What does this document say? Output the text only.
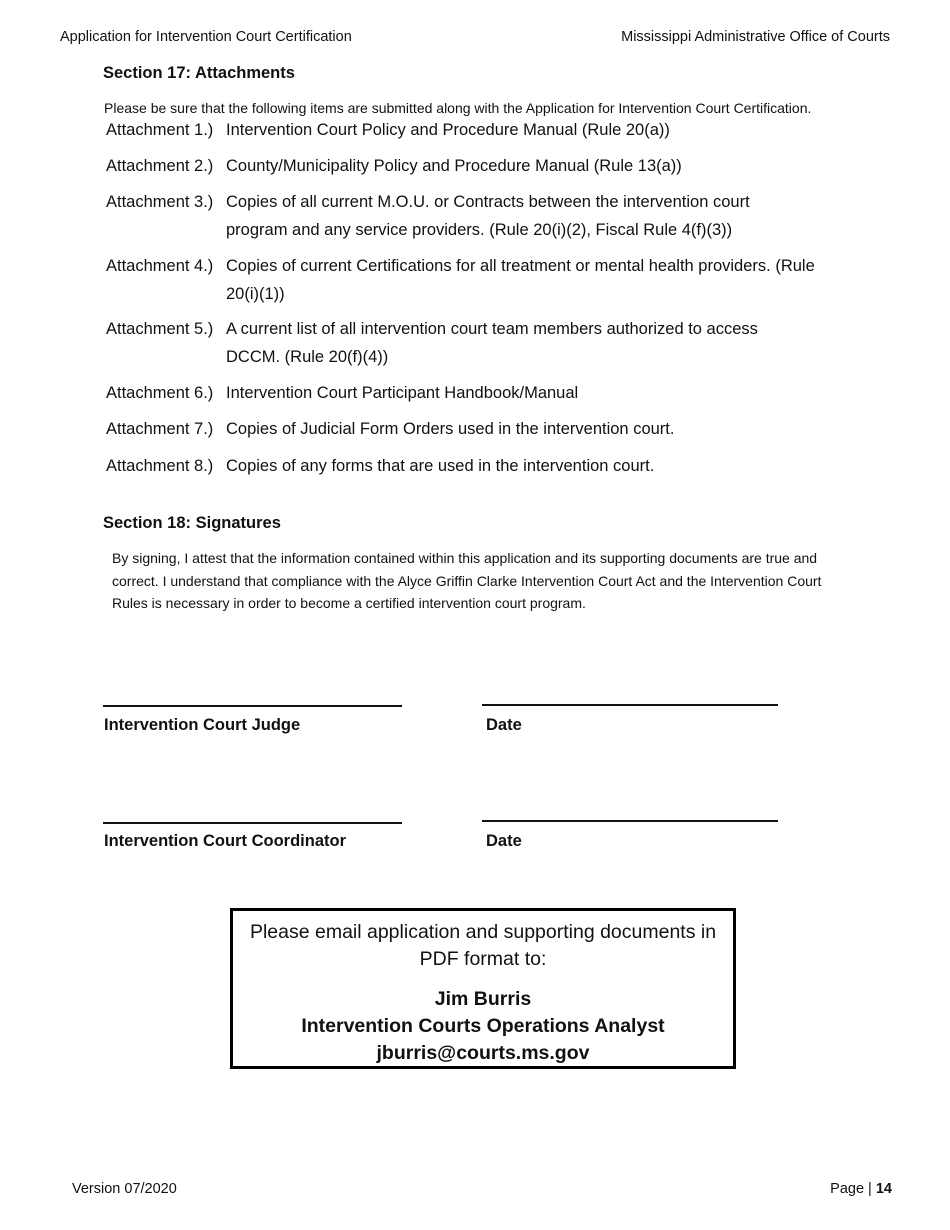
Application for Intervention Court Certification	Mississippi Administrative Office of Courts
Section 17: Attachments
Please be sure that the following items are submitted along with the Application for Intervention Court Certification.
Attachment 1.) Intervention Court Policy and Procedure Manual (Rule 20(a))
Attachment 2.) County/Municipality Policy and Procedure Manual (Rule 13(a))
Attachment 3.) Copies of all current M.O.U. or Contracts between the intervention court program and any service providers. (Rule 20(i)(2), Fiscal Rule 4(f)(3))
Attachment 4.) Copies of current Certifications for all treatment or mental health providers. (Rule 20(i)(1))
Attachment 5.) A current list of all intervention court team members authorized to access DCCM. (Rule 20(f)(4))
Attachment 6.) Intervention Court Participant Handbook/Manual
Attachment 7.) Copies of Judicial Form Orders used in the intervention court.
Attachment 8.) Copies of any forms that are used in the intervention court.
Section 18: Signatures
By signing, I attest that the information contained within this application and its supporting documents are true and correct. I understand that compliance with the Alyce Griffin Clarke Intervention Court Act and the Intervention Court Rules is necessary in order to become a certified intervention court program.
Intervention Court Judge	Date
Intervention Court Coordinator	Date
Please email application and supporting documents in PDF format to:
Jim Burris
Intervention Courts Operations Analyst
jburris@courts.ms.gov
Version 07/2020	Page | 14
